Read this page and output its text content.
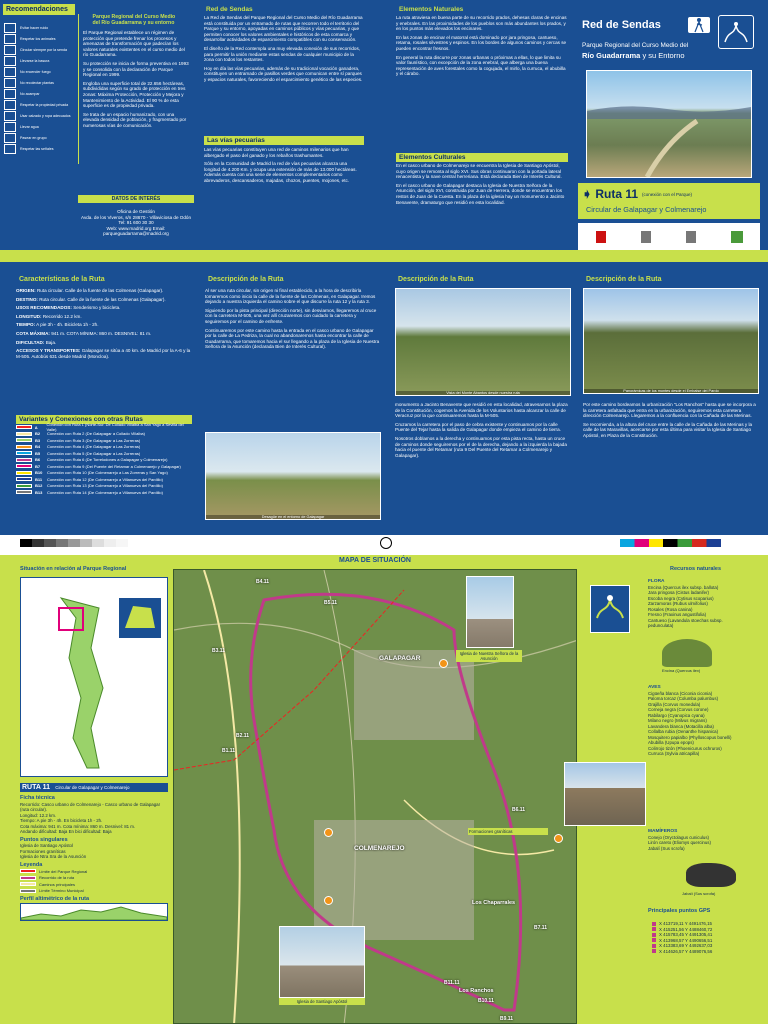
Recomendaciones
Evitar hacer ruido
Respetar los animales
Circular siempre por la senda
Llevarse la basura
No encender fuego
No recolectar plantas
No acampar
Respetar la propiedad privada
Usar calzado y ropa adecuados
Llevar agua
Pasear en grupo
Respetar las señales
Parque Regional del Curso Medio del Río Guadarrama y su entorno

El Parque Regional establece un régimen de protección que pretende frenar los procesos y amenazas de transformación que padecían los valores naturales existentes en el curso medio del río Guadarrama.

Su protección se inicia de forma preventiva en 1993 y se consolida con la declaración de Parque Regional en 1999.

Engloba una superficie total de 22.656 hectáreas, subdivididas según su grado de protección en tres zonas: Máxima Protección, Protección y Mejora y Mantenimiento de la Actividad. El 90 % de esta superficie es de propiedad privada.

Se trata de un espacio humanizado, con una elevada densidad de población, y fragmentado por numerosas vías de comunicación.

DATOS DE INTERÉS
Oficina de Gestión
Avda. de los Viveros, s/n 28670 - Villaviciosa de Odón
Tel: 91 600 30 30
Web: www.madrid.org Email: parqueguadarrama@madrid.org
Red de Sendas

La Red de Sendas del Parque Regional del Curso Medio del Río Guadarrama está constituida por un entramado de rutas que recorren todo el territorio del Parque y su entorno, apoyadas en caminos públicos y vías pecuarias, y que permiten conocer los valores ambientales e históricos de esta comarca y desarrollar actividades de esparcimiento compatibles con su conservación.

El diseño de la Red contempla una muy elevada conexión de sus recorridos, para permitir la unión mediante estas sendas de cualquier municipio de la zona con todos los restantes.

Hoy en día las vías pecuarias, además de su tradicional vocación ganadera, constituyen un entramado de pasillos verdes que comunican entre sí parques y espacios naturales, favoreciendo el esparcimiento genético de las especies.

Las vías pecuarias

Las vías pecuarias constituyen una red de caminos milenarios que han albergado el paso del ganado y los rebaños trashumantes.

Sólo en la Comunidad de Madrid la red de vías pecuarias alcanza una longitud de 4.200 Km. y ocupa una extensión de más de 13.000 hectáreas. Además cuenta con una serie de elementos complementarios como abrevaderos, descansaderos, majadas, chozos, puentes, mojones, etc.

Elementos Naturales

La ruta atraviesa en buena parte de su recorrido prados, dehesas claras de encinas y enebrales. En las proximidades de los pueblos son más abundantes los prados, y en los puntos más elevados los encinares.

En las zonas de encinar el matorral está dominado por jara pringosa, cantueso, retama, rosales silvestres y espinos. En los bordes de algunos caminos y cercas se pueden encontrar fresnos.

En general la ruta discurre por zonas urbanas o próximas a ellas, lo que limita su valor faunístico, con excepción de la zona enebral, que alberga una buena representación de aves forestales como la cogujada, el mirlo, la curruca, el abubilla y el cárabo.

Elementos Culturales

En el casco urbano de Colmenarejo se encuentra la Iglesia de Santiago Apóstol, cuyo origen se remonta al siglo XVI. Sus obras continuaron con la portada lateral renacentista y la nave central herreriana. Está declarada Bien de Interés Cultural.

En el casco urbano de Galapagar destaca la Iglesia de Nuestra Señora de la Asunción, del siglo XVI, construida por Juan de Herrera, donde se encuentran los restos de Juan de la Cuesta. En la plaza de la iglesia hay un monumento a Jacinto Benavente, dramaturgo que residió en esta localidad.

Red de Sendas
Parque Regional del Curso Medio del
Río Guadarrama y su Entorno
➧ Ruta 11 (conexión con el Parque)
Circular de Galapagar y Colmenarejo
Características de la Ruta

ORIGEN: Ruta circular. Calle de la fuente de las Colmenas (Galapagar).

DESTINO: Ruta circular. Calle de la fuente de las Colmenas (Galapagar).

USOS RECOMENDADOS: Senderismo y bicicleta.

LONGITUD: Recorrido 12.2 km.

TIEMPO: A pie 3h - 4h. Bicicleta 1h - 2h.

COTA MÁXIMA: 941 m. COTA MÍNIMA: 860 m. DESNIVEL: 81 m.

DIFICULTAD: Baja.

ACCESOS Y TRANSPORTES: Galapagar se sitúa a 40 km. de Madrid por la A-6 y la M-505. Autobús 631 desde Madrid (Moncloa).

Variantes y Conexiones con otras Rutas
A	Conexión con Ruta 1 (Norte-Sur. De Collado Villalba a San Yago a Sevilla del Valle)
B2	Conexión con Ruta 2 (De Galapagar a Collado Villalba)
B3	Conexión con Ruta 3 (De Galapagar a Las Zorreras)
B4	Conexión con Ruta 4 (De Galapagar a Las Zorreras)
B5	Conexión con Ruta 5 (De Galapagar a Las Zorreras)
B6	Conexión con Ruta 6 (De Torrelodones a Galapagar y Colmenarejo)
B7	Conexión con Ruta 9 (Del Puente del Retamar a Colmenarejo y Galapagar)
B10	Conexión con Ruta 10 (De Colmenarejo a Las Zorreras y San Yago)
B11	Conexión con Ruta 12 (De Colmenarejo a Villanueva del Pardillo)
B12	Conexión con Ruta 13 (De Colmenarejo a Villanueva del Pardillo)
B13	Conexión con Ruta 14 (De Colmenarejo a Villanueva del Pardillo)
Descripción de la Ruta

Al ser una ruta circular, sin origen ni final establecido, a la hora de describirla tomaremos como inicio la calle de la fuente de las Colmenas, en Galapagar. Iremos dejando a nuestra izquierda el camino sobre el que discurre la ruta 12 y la ruta 3.

Siguiendo por la pista principal (dirección norte), sin desviarnos, llegaremos al cruce con la carretera M-505, una vez allí cruzaremos con cuidado la carretera y seguiremos por el camino de enfrente.

Continuaremos por este camino hasta la entrada en el casco urbano de Galapagar por la calle de La Pedriza, la cual no abandonaremos hasta encontrar la calle de Guadarrama, que tomaremos hacia el sur llegando a la plaza de la Iglesia de Nuestra Señora de la Asunción (declarada Bien de Interés Cultural).

Desagüe en el entorno de Galapagar
Descripción de la Ruta
Vista del Monte Abantos desde nuestra ruta

monumento a Jacinto Benavente que residió en esta localidad, atravesamos la plaza de la Constitución, cogemos la Avenida de los Voluntarios hasta alcanzar la calle de Veracruz por la que continuaremos hasta la M-505.

Cruzamos la carretera por el paso de cebra existente y continuamos por la calle Puente del Tejar hasta la salida de Galapagar donde empieza el camino de tierra.

Nosotros doblamos a la derecha y continuamos por esta pista recta, hasta un cruce de caminos donde seguiremos por el de la derecha, dejando a la izquierda la bajada hacia el puente del Retamar (ruta 9 Del Puente del Retamar a Colmenarejo y Galapagar).

Descripción de la Ruta
Panorámicas de los montes desde el Embalse del Pardo

Por este camino bordeamos la urbanización "Los Ranchos" hasta que se incorpora a la carretera asfaltada que entra en la urbanización, seguiremos esta carretera dirección Colmenarejo. Llegaremos a la confluencia con la Cañada de las Merinas.

Se recomienda, a la altura del cruce entre la calle de la Cañada de las Merinas y la calle de las Maravillas, acercarse por esta última para visitar la Iglesia de Santiago Apóstol, en Plaza de la Constitución.

Situación en relación al Parque Regional
RUTA 11 Circular de Galapagar y Colmenarejo
Ficha técnica
Recorrido: Casco urbano de Colmenarejo - Casco urbano de Galapagar (ruta circular).
Longitud: 12.2 km.
Tiempo: A pie 3h - 4h. En bicicleta 1h - 2h.
Cota máxima: 941 m. Cota mínima: 860 m. Desnivel: 81 m.
Andando dificultad: Baja En bici dificultad: Baja
Puntos singulares
Iglesia de Santiago Apóstol
Formaciones graníticas
Iglesia de Ntra Sra de la Asunción
Leyenda
Límite del Parque Regional
Recorrido de la ruta
Caminos principales
Límite Término Municipal
Perfil altimétrico de la ruta
MAPA DE SITUACIÓN
GALAPAGAR
COLMENAREJO
Los Chaparrales
Los Ranchos
B4.11
B5.11
B3.11
B2.11
B1.11
B6.11
B7.11
B11.11
B10.11
B9.11
Iglesia de Nuestra Señora de la Asunción
Iglesia de Santiago Apóstol
Formaciones graníticas
Recursos naturales
FLORA
Encina (Quercus ilex subsp. ballota)
Jara pringosa (Cistus ladanifer)
Escoba negra (Cytisus scoparius)
Zarzamoras (Rubus ulmifolius)
Rosales (Rosa canina)
Fresno (Fraxinus angustifolia)
Cantueso (Lavandula stoechas subsp. pedunculata)
Encina (Quercus ilex)
AVES
Cigüeña blanca (Ciconia ciconia)
Paloma torcaz (Columba palumbus)
Grajilla (Corvus monedula)
Corneja negra (Corvus corone)
Rabilargo (Cyanopica cyana)
Milano negro (Milvus migrans)
Lavandera blanca (Motacilla alba)
Collalba rubia (Oenanthe hispanica)
Mosquitero papialbo (Phylloscopus bonelli)
Abubilla (Upupa epops)
Colirrojo tizón (Phoenicurus ochruros)
Curruca (Sylvia atricapilla)
MAMÍFEROS
Conejo (Oryctolagus cuniculus)
Lirón careto (Eliomys quercinus)
Jabalí (Sus scrofa)
Jabalí (Sus scrofa)
Principales puntos GPS
X 413719,11 Y 4491476,15
X 415251,56 Y 4488460,72
X 415783,45 Y 4491305,41
X 413968,57 Y 4490656,51
X 413383,69 Y 4492637,03
X 414626,57 Y 4489076,56
